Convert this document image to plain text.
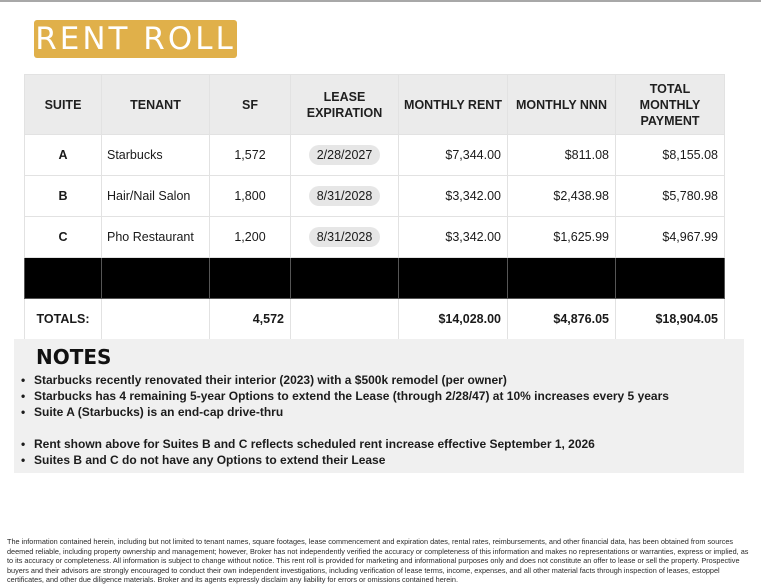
RENT ROLL
SUITE	TENANT	SF	LEASE EXPIRATION	MONTHLY RENT	MONTHLY NNN	TOTAL MONTHLY PAYMENT
A	Starbucks	1,572	2/28/2027	$7,344.00	$811.08	$8,155.08
B	Hair/Nail Salon	1,800	8/31/2028	$3,342.00	$2,438.98	$5,780.98
C	Pho Restaurant	1,200	8/31/2028	$3,342.00	$1,625.99	$4,967.99

TOTALS:		4,572		$14,028.00	$4,876.05	$18,904.05
NOTES
• Starbucks recently renovated their interior (2023) with a $500k remodel (per owner)
• Starbucks has 4 remaining 5-year Options to extend the Lease (through 2/28/47) at 10% increases every 5 years
• Suite A (Starbucks) is an end-cap drive-thru
• Rent shown above for Suites B and C reflects scheduled rent increase effective September 1, 2026
• Suites B and C do not have any Options to extend their Lease

The information contained herein, including but not limited to tenant names, square footages, lease commencement and expiration dates, rental rates, reimbursements, and other financial data, has been obtained from sources deemed reliable, including property ownership and management; however, Broker has not independently verified the accuracy or completeness of this information and makes no representations or warranties, express or implied, as to its accuracy or completeness. All information is subject to change without notice. This rent roll is provided for marketing and informational purposes only and does not constitute an offer to lease or sell the property. Prospective buyers and their advisors are strongly encouraged to conduct their own independent investigations, including verification of lease terms, income, expenses, and all other material facts through inspection of leases, estoppel certificates, and other due diligence materials. Broker and its agents expressly disclaim any liability for errors or omissions contained herein.
